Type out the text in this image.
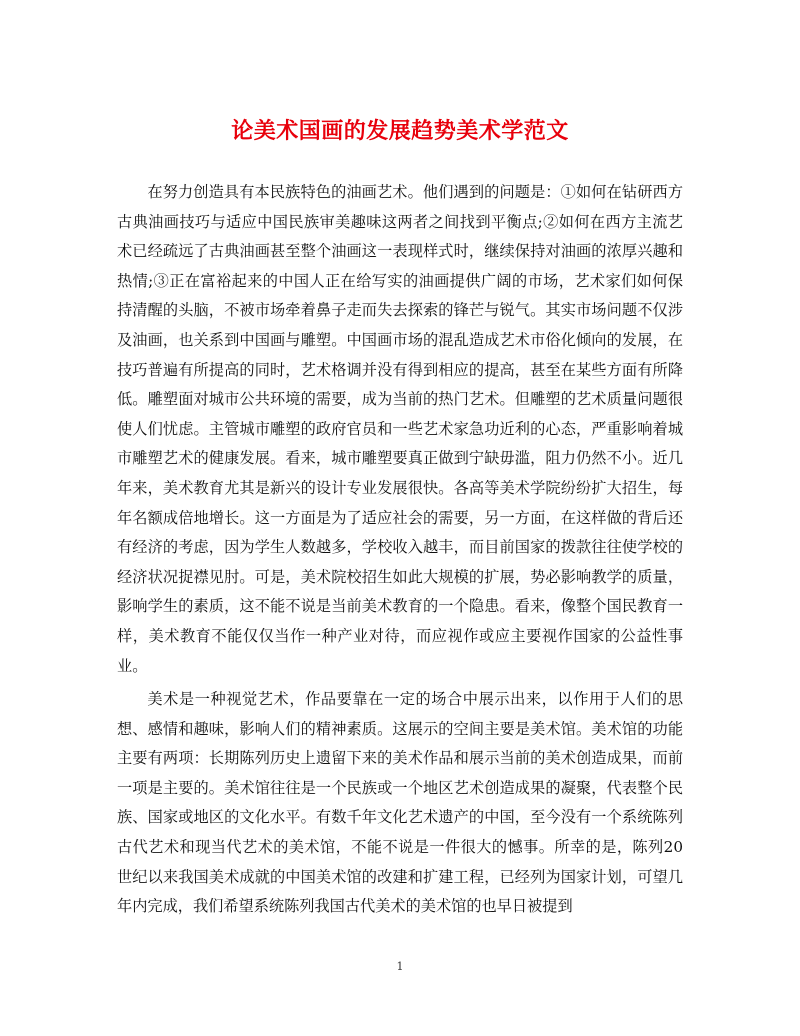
论美术国画的发展趋势美术学范文

在努力创造具有本民族特色的油画艺术。他们遇到的问题是：①如何在钻研西方古典油画技巧与适应中国民族审美趣味这两者之间找到平衡点;②如何在西方主流艺术已经疏远了古典油画甚至整个油画这一表现样式时，继续保持对油画的浓厚兴趣和热情;③正在富裕起来的中国人正在给写实的油画提供广阔的市场，艺术家们如何保持清醒的头脑，不被市场牵着鼻子走而失去探索的锋芒与锐气。其实市场问题不仅涉及油画，也关系到中国画与雕塑。中国画市场的混乱造成艺术市俗化倾向的发展，在技巧普遍有所提高的同时，艺术格调并没有得到相应的提高，甚至在某些方面有所降低。雕塑面对城市公共环境的需要，成为当前的热门艺术。但雕塑的艺术质量问题很使人们忧虑。主管城市雕塑的政府官员和一些艺术家急功近利的心态，严重影响着城市雕塑艺术的健康发展。看来，城市雕塑要真正做到宁缺毋滥，阻力仍然不小。近几年来，美术教育尤其是新兴的设计专业发展很快。各高等美术学院纷纷扩大招生，每年名额成倍地增长。这一方面是为了适应社会的需要，另一方面，在这样做的背后还有经济的考虑，因为学生人数越多，学校收入越丰，而目前国家的拨款往往使学校的经济状况捉襟见肘。可是，美术院校招生如此大规模的扩展，势必影响教学的质量，影响学生的素质，这不能不说是当前美术教育的一个隐患。看来，像整个国民教育一样，美术教育不能仅仅当作一种产业对待，而应视作或应主要视作国家的公益性事业。

美术是一种视觉艺术，作品要靠在一定的场合中展示出来，以作用于人们的思想、感情和趣味，影响人们的精神素质。这展示的空间主要是美术馆。美术馆的功能主要有两项：长期陈列历史上遗留下来的美术作品和展示当前的美术创造成果，而前一项是主要的。美术馆往往是一个民族或一个地区艺术创造成果的凝聚，代表整个民族、国家或地区的文化水平。有数千年文化艺术遗产的中国，至今没有一个系统陈列古代艺术和现当代艺术的美术馆，不能不说是一件很大的憾事。所幸的是，陈列20世纪以来我国美术成就的中国美术馆的改建和扩建工程，已经列为国家计划，可望几年内完成，我们希望系统陈列我国古代美术的美术馆的也早日被提到

1
